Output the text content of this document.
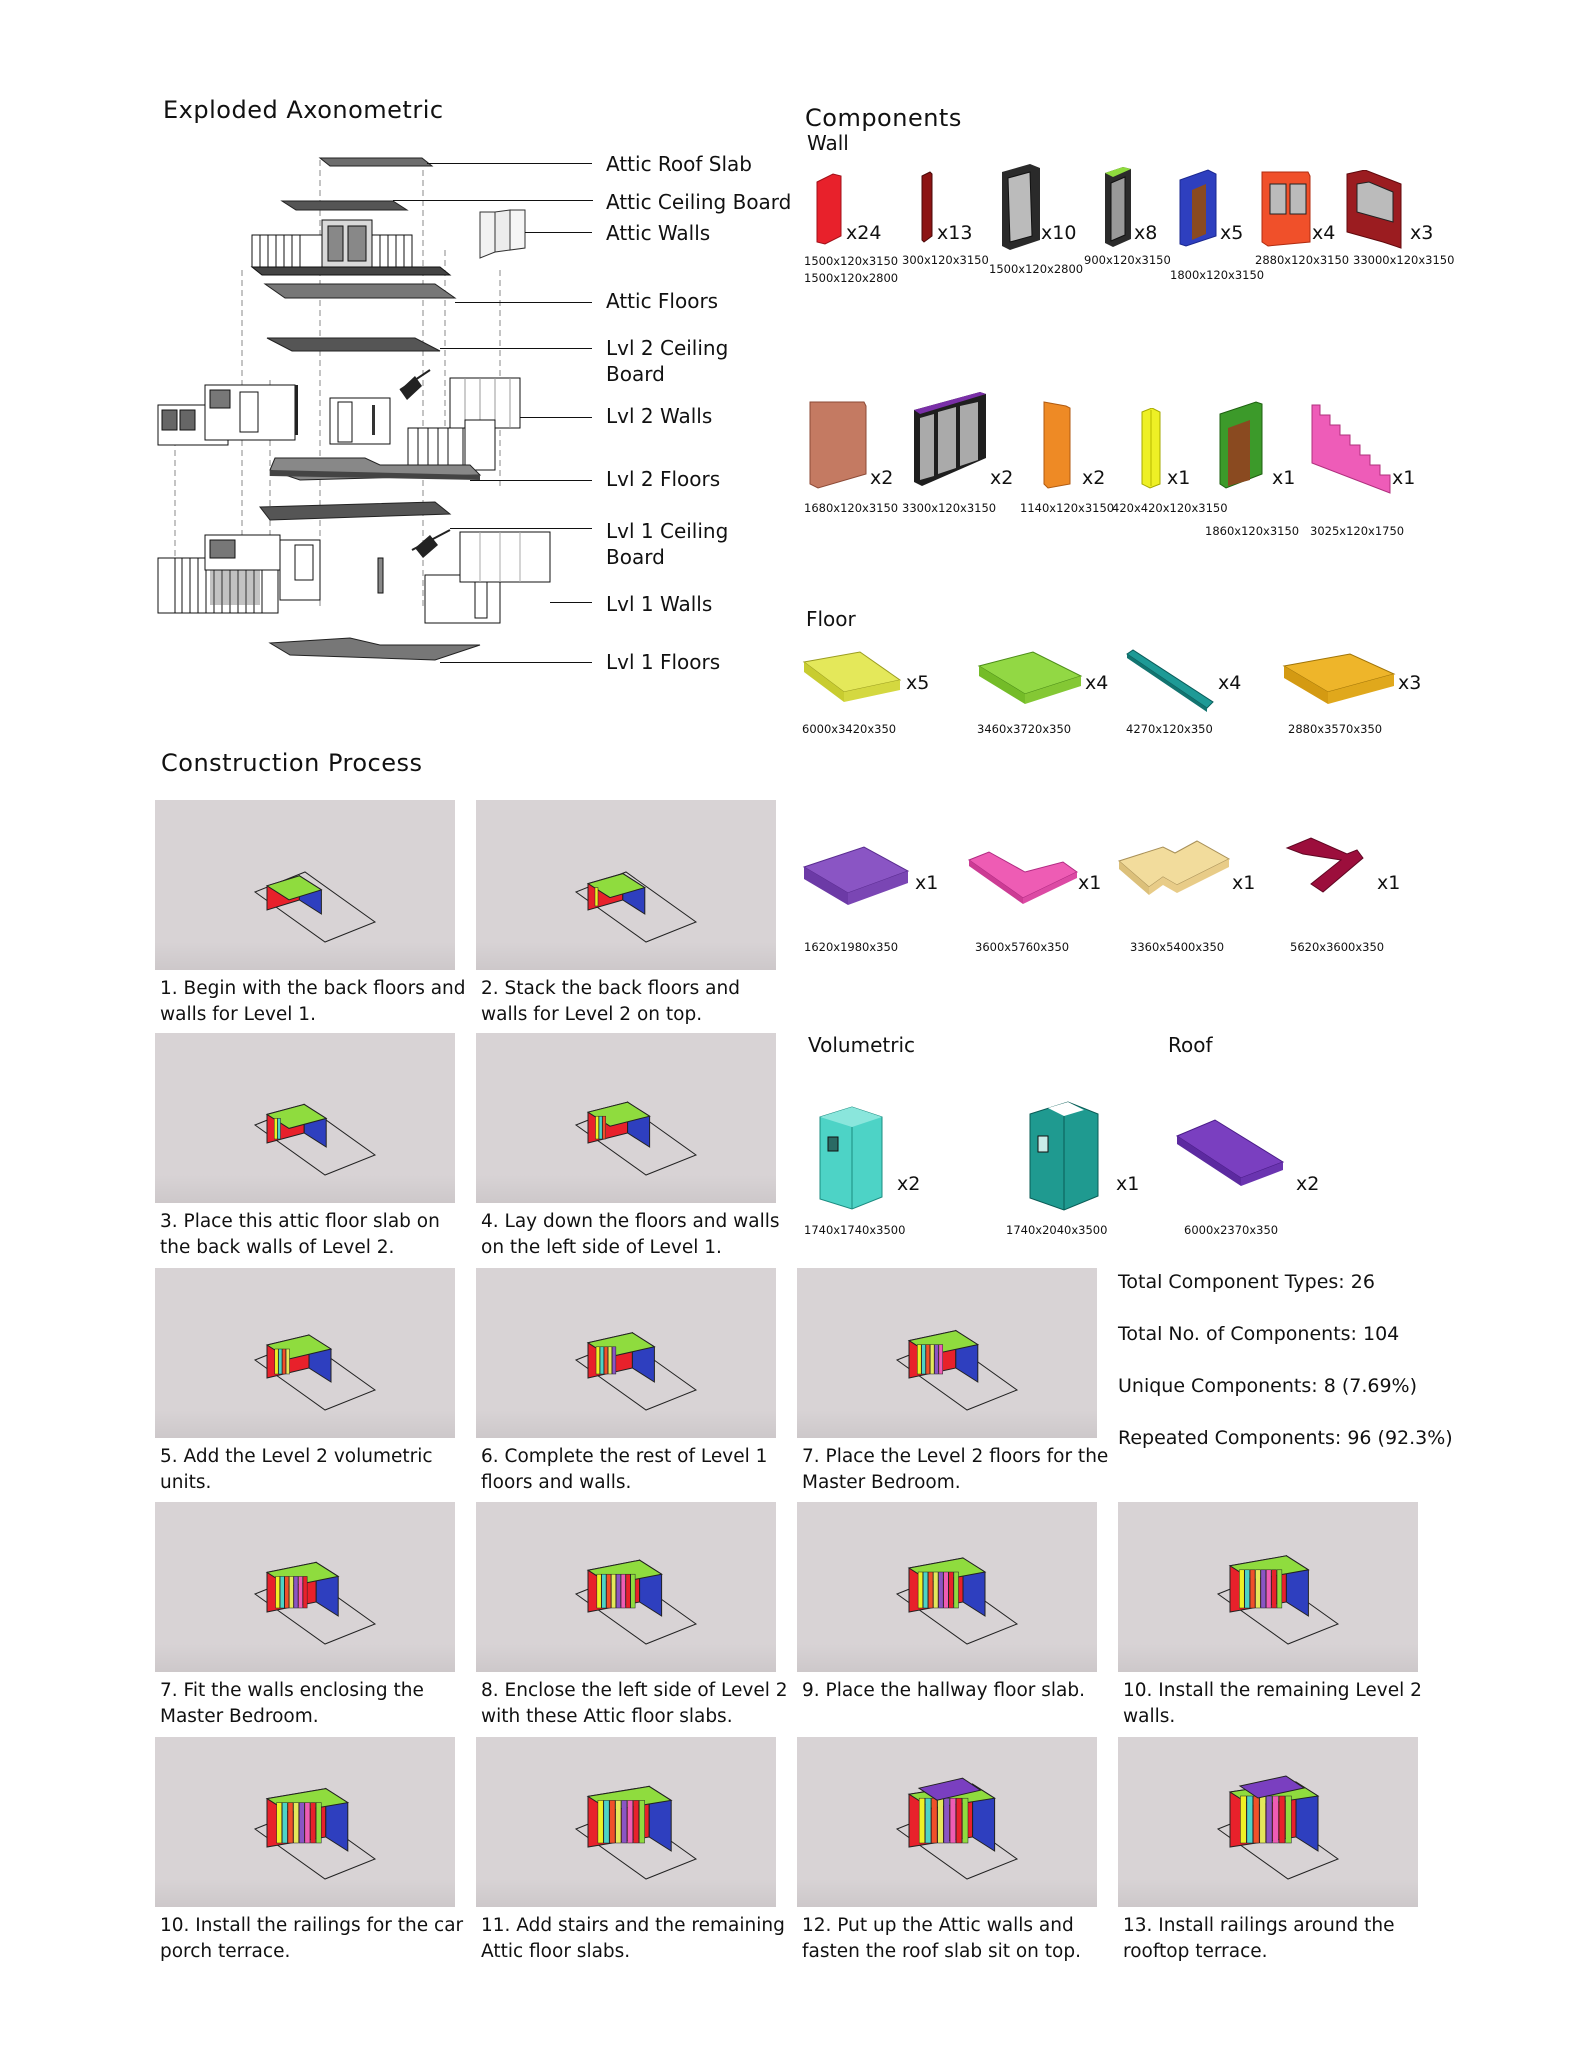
Exploded Axonometric	Components
Wall
Floor
Volumetric	Roof
Construction Process
Attic Roof Slab
Attic Ceiling Board
Attic Walls
Attic Floors
Lvl 2 Ceiling
Board
Lvl 2 Walls
Lvl 2 Floors
Lvl 1 Ceiling
Board
Lvl 1 Walls
Lvl 1 Floors
x24
1500x120x3150
1500x120x2800
x13
300x120x3150
x10
1500x120x2800
x8
900x120x3150
x5
1800x120x3150
x4
2880x120x3150
x3
33000x120x3150
x2
1680x120x3150
x2
3300x120x3150
x2
1140x120x3150
x1
420x420x120x3150
x1
1860x120x3150
x1
3025x120x1750
x5
6000x3420x350
x4
3460x3720x350
x4
4270x120x350
x3
2880x3570x350
x1
1620x1980x350
x1
3600x5760x350
x1
3360x5400x350
x1
5620x3600x350
x2
1740x1740x3500
x1
1740x2040x3500
x2
6000x2370x350
Total Component Types: 26
Total No. of Components: 104
Unique Components: 8 (7.69%)
Repeated Components: 96 (92.3%)
1. Begin with the back floors and walls for Level 1.
2. Stack the back floors and walls for Level 2 on top.
3. Place this attic floor slab on the back walls of Level 2.
4. Lay down the floors and walls on the left side of Level 1.
5. Add the Level 2 volumetric units.
6. Complete the rest of Level 1 floors and walls.
7. Place the Level 2 floors for the Master Bedroom.
7. Fit the walls enclosing the Master Bedroom.
8. Enclose the left side of Level 2 with these Attic floor slabs.
9. Place the hallway floor slab.	10. Install the remaining Level 2 walls.
10. Install the railings for the car porch terrace.
11. Add stairs and the remaining Attic floor slabs.
12. Put up the Attic walls and fasten the roof slab sit on top.
13. Install railings around the rooftop terrace.
